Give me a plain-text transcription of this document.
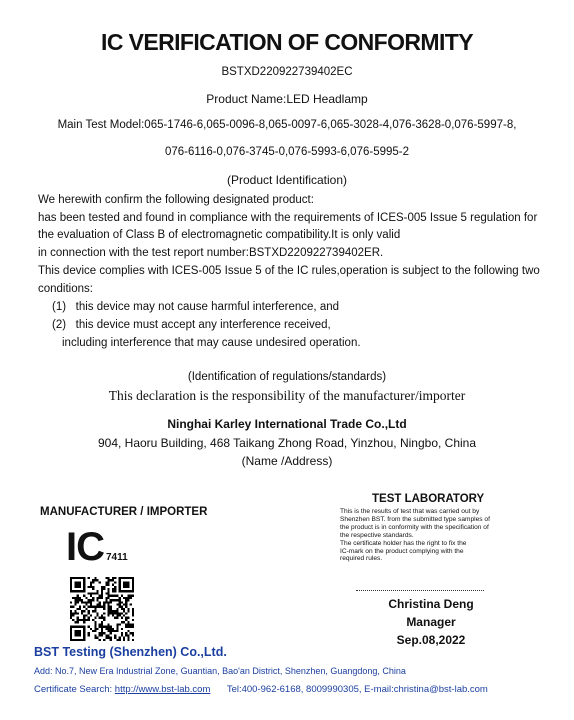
IC VERIFICATION OF CONFORMITY
BSTXD220922739402EC
Product Name:LED Headlamp
Main Test Model:065-1746-6,065-0096-8,065-0097-6,065-3028-4,076-3628-0,076-5997-8,
076-6116-0,076-3745-0,076-5993-6,076-5995-2
(Product Identification)
We herewith confirm the following designated product:
has been tested and found in compliance with the requirements of ICES-005 Issue 5 regulation for
the evaluation of Class B of electromagnetic compatibility.It is only valid
in connection with the test report number:BSTXD220922739402ER.
This device complies with ICES-005 Issue 5 of the IC rules,operation is subject to the following two
conditions:
(1)   this device may not cause harmful interference, and
(2)   this device must accept any interference received,
including interference that may cause undesired operation.
(Identification of regulations/standards)
This declaration is the responsibility of the manufacturer/importer
Ninghai Karley International Trade Co.,Ltd
904, Haoru Building, 468 Taikang Zhong Road, Yinzhou, Ningbo, China
(Name /Address)
MANUFACTURER / IMPORTER
IC 7411
TEST LABORATORY

This is the results of test that was carried out by

Shenzhen BST. from the submitted type samples of

the product is in conformity with the specification of

the respective standards.

The certificate holder has the right to fix the

IC-mark on the product complying with the

required rules.

Christina Deng
Manager
Sep.08,2022
BST Testing (Shenzhen) Co.,Ltd.
Add: No.7, New Era Industrial Zone, Guantian, Bao'an District, Shenzhen, Guangdong, China
Certificate Search: http://www.bst-lab.com Tel:400-962-6168, 8009990305, E-mail:christina@bst-lab.com
